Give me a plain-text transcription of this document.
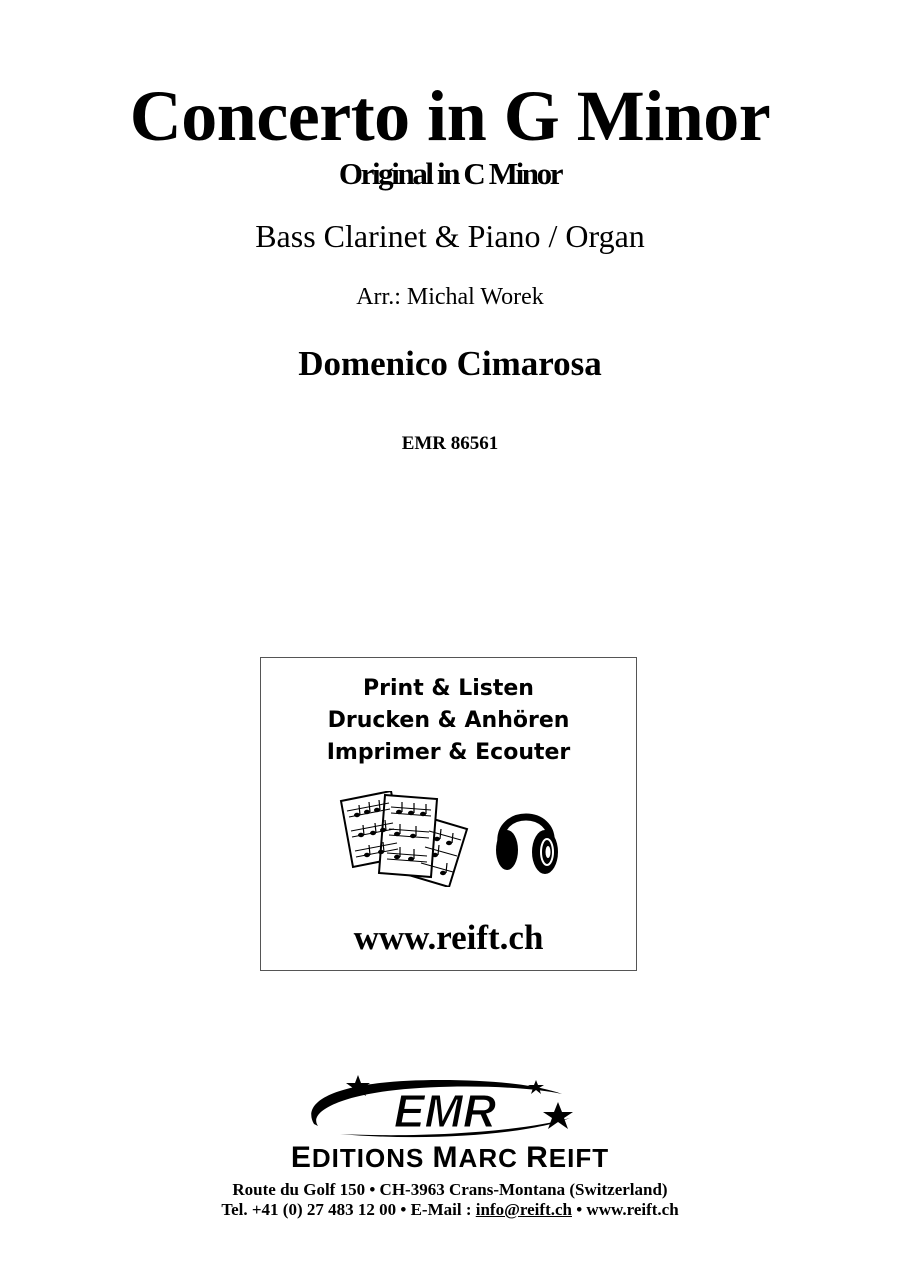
Concerto in G Minor
Original in C Minor
Bass Clarinet & Piano / Organ
Arr.: Michal Worek
Domenico Cimarosa
EMR 86561
Print & Listen
Drucken & Anhören
Imprimer & Ecouter
www.reift.ch
EMR
EDITIONS MARC REIFT
Route du Golf 150 • CH-3963 Crans-Montana (Switzerland)
Tel. +41 (0) 27 483 12 00 • E-Mail : info@reift.ch • www.reift.ch
